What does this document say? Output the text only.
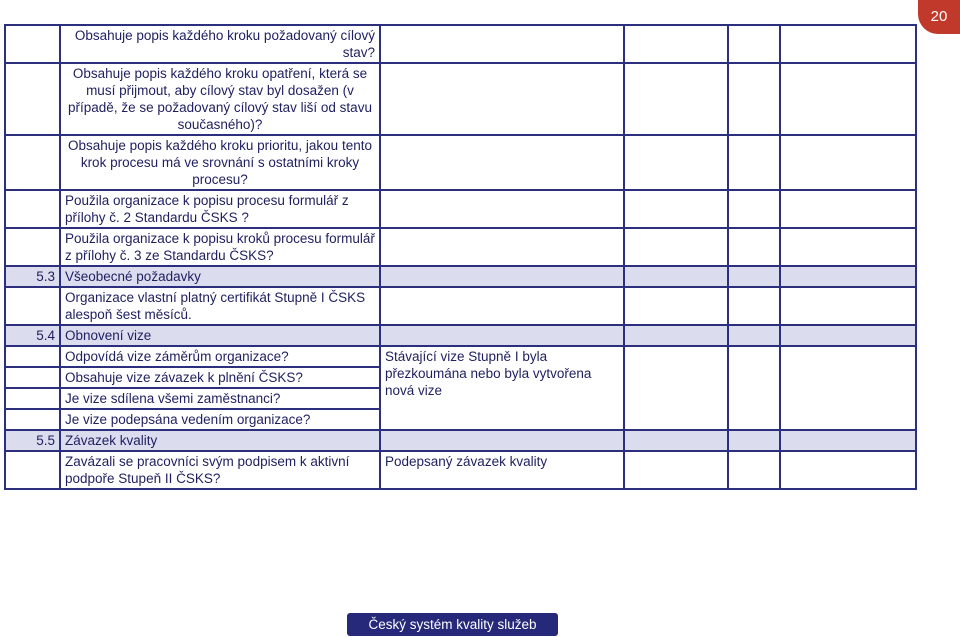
20
	Obsahuje popis každého kroku požadovaný cílový stav?				
	Obsahuje popis každého kroku opatření, která se musí přijmout, aby cílový stav byl dosažen (v případě, že se požadovaný cílový stav liší od stavu současného)?				
	Obsahuje popis každého kroku prioritu, jakou tento krok procesu má ve srovnání s ostatními kroky procesu?				
	Použila organizace k popisu procesu formulář z přílohy č. 2 Standardu ČSKS ?				
	Použila organizace k popisu kroků procesu formulář z přílohy č. 3 ze Standardu ČSKS?				
5.3	Všeobecné požadavky				
	Organizace vlastní platný certifikát Stupně I ČSKS alespoň šest měsíců.				
5.4	Obnovení vize				
	Odpovídá vize záměrům organizace?	Stávající vize Stupně I byla přezkoumána nebo byla vytvořena nová vize			
	Obsahuje vize závazek k plnění ČSKS?				
	Je vize sdílena všemi zaměstnanci?				
	Je vize podepsána vedením organizace?				
5.5	Závazek kvality				
	Zavázali se pracovníci svým podpisem k aktivní podpoře Stupeň II ČSKS?	Podepsaný závazek kvality			
Český systém kvality služeb
